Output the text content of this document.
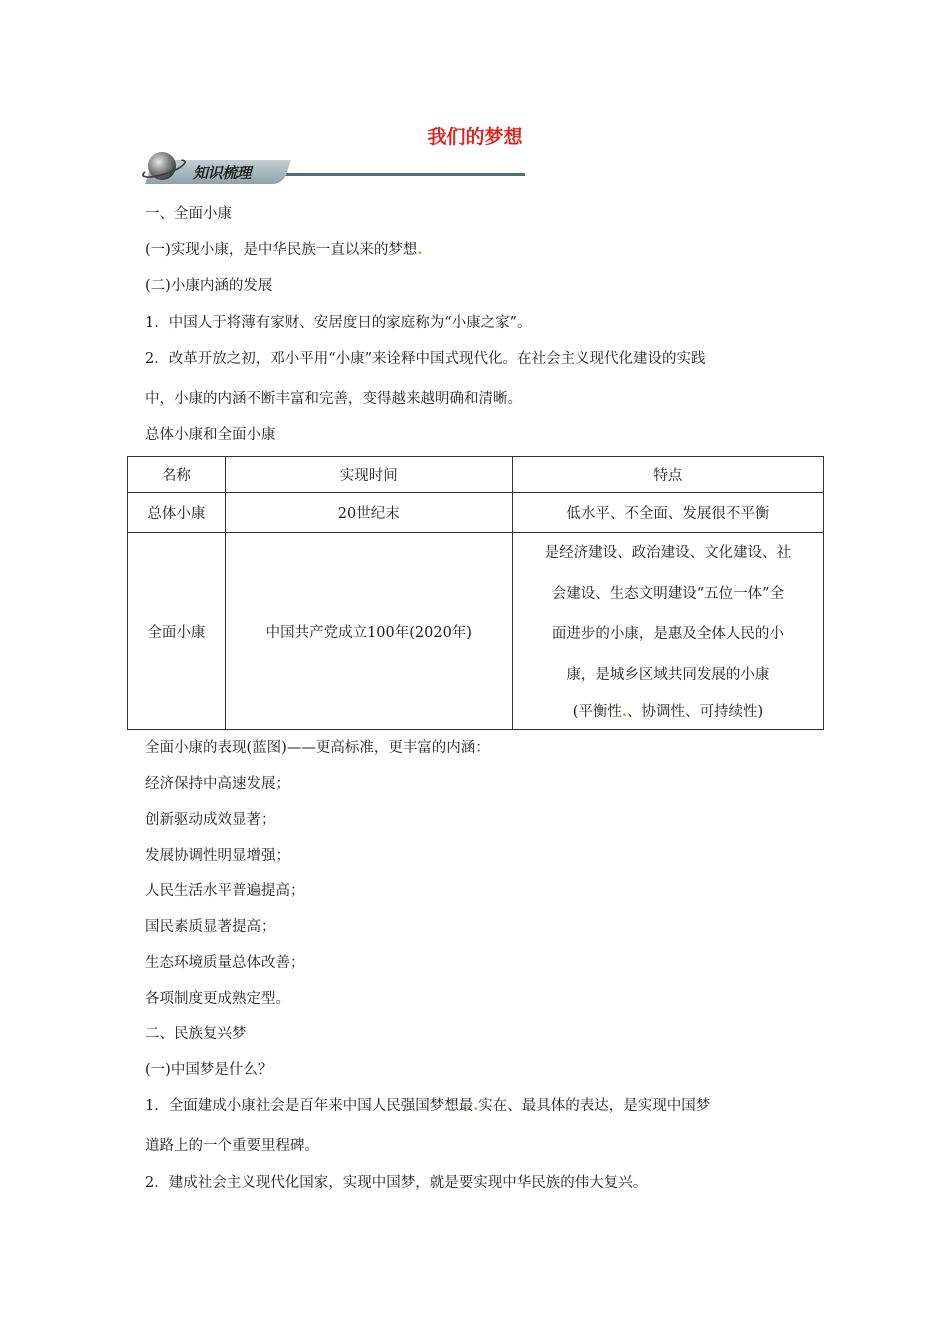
我们的梦想
知识梳理
一、全面小康
(一)实现小康，是中华民族一直以来的梦想.
(二)小康内涵的发展
1．中国人于将薄有家财、安居度日的家庭称为“小康之家”。
2．改革开放之初，邓小平用“小康”来诠释中国式现代化。在社会主义现代化建设的实践
中，小康的内涵不断丰富和完善，变得越来越明确和清晰。
总体小康和全面小康
名称	实现时间	特点
总体小康	20世纪末	低水平、不全面、发展很不平衡
全面小康	中国共产党成立100年(2020年)	是经济建设、政治建设、文化建设、社
会建设、生态文明建设“五位一体”全
面进步的小康，是惠及全体人民的小
康，是城乡区域共同发展的小康
(平衡性.、协调性、可持续性)
全面小康的表现(蓝图)——更高标准，更丰富的内涵：
经济保持中高速发展；
创新驱动成效显著；
发展协调性明显增强；
人民生活水平普遍提高；
国民素质显著提高；
生态环境质量总体改善；
各项制度更成熟定型。
二、民族复兴梦
(一)中国梦是什么？
1．全面建成小康社会是百年来中国人民强国梦想最.实在、最具体的表达，是实现中国梦
道路上的一个重要里程碑。
2．建成社会主义现代化国家，实现中国梦，就是要实现中华民族的伟大复兴。
